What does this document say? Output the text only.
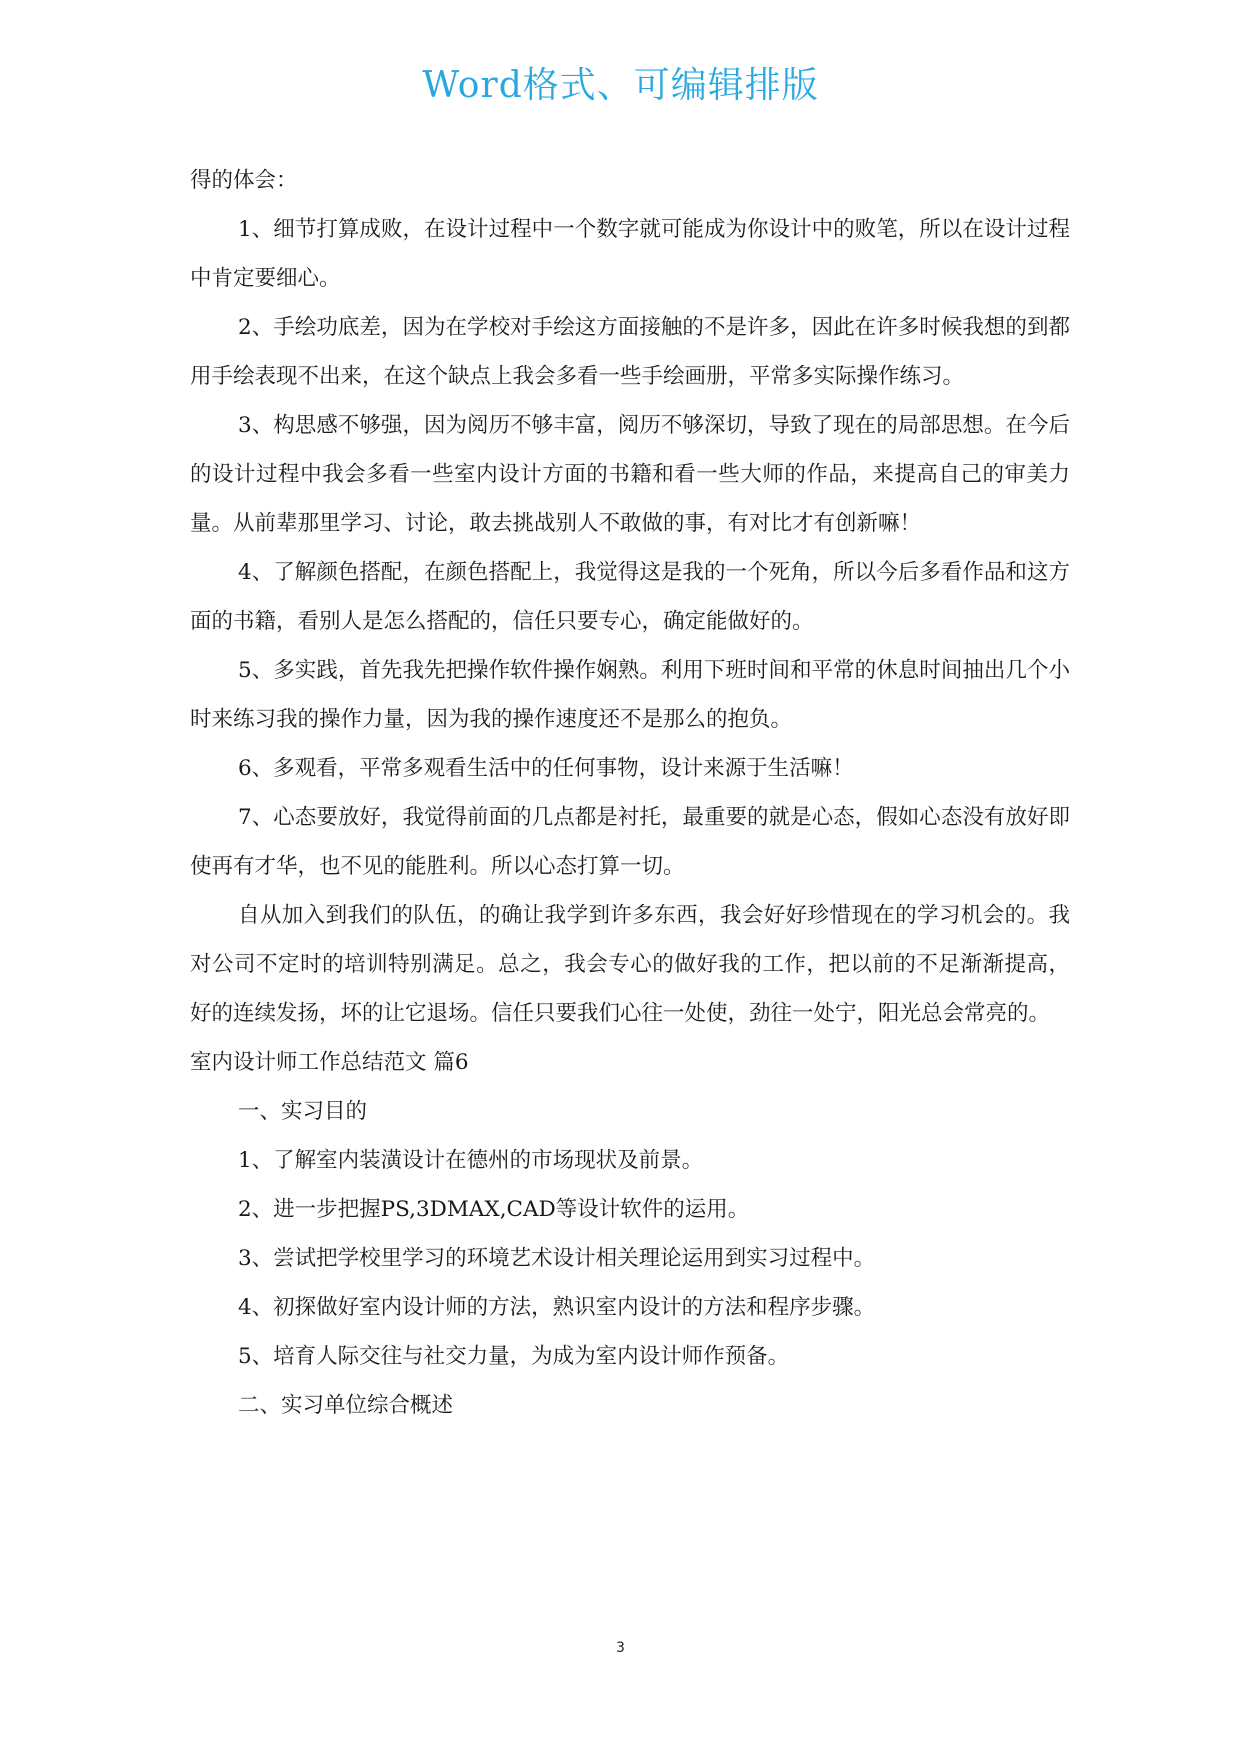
Word格式、可编辑排版

得的体会：

1、细节打算成败，在设计过程中一个数字就可能成为你设计中的败笔，所以在设计过程中肯定要细心。

2、手绘功底差，因为在学校对手绘这方面接触的不是许多，因此在许多时候我想的到都用手绘表现不出来，在这个缺点上我会多看一些手绘画册，平常多实际操作练习。

3、构思感不够强，因为阅历不够丰富，阅历不够深切，导致了现在的局部思想。在今后的设计过程中我会多看一些室内设计方面的书籍和看一些大师的作品，来提高自己的审美力量。从前辈那里学习、讨论，敢去挑战别人不敢做的事，有对比才有创新嘛！

4、了解颜色搭配，在颜色搭配上，我觉得这是我的一个死角，所以今后多看作品和这方面的书籍，看别人是怎么搭配的，信任只要专心，确定能做好的。

5、多实践，首先我先把操作软件操作娴熟。利用下班时间和平常的休息时间抽出几个小时来练习我的操作力量，因为我的操作速度还不是那么的抱负。

6、多观看，平常多观看生活中的任何事物，设计来源于生活嘛！

7、心态要放好，我觉得前面的几点都是衬托，最重要的就是心态，假如心态没有放好即使再有才华，也不见的能胜利。所以心态打算一切。

自从加入到我们的队伍，的确让我学到许多东西，我会好好珍惜现在的学习机会的。我对公司不定时的培训特别满足。总之，我会专心的做好我的工作，把以前的不足渐渐提高，好的连续发扬，坏的让它退场。信任只要我们心往一处使，劲往一处宁，阳光总会常亮的。

室内设计师工作总结范文 篇6

一、实习目的

1、了解室内装潢设计在德州的市场现状及前景。

2、进一步把握PS,3DMAX,CAD等设计软件的运用。

3、尝试把学校里学习的环境艺术设计相关理论运用到实习过程中。

4、初探做好室内设计师的方法，熟识室内设计的方法和程序步骤。

5、培育人际交往与社交力量，为成为室内设计师作预备。

二、实习单位综合概述

3
